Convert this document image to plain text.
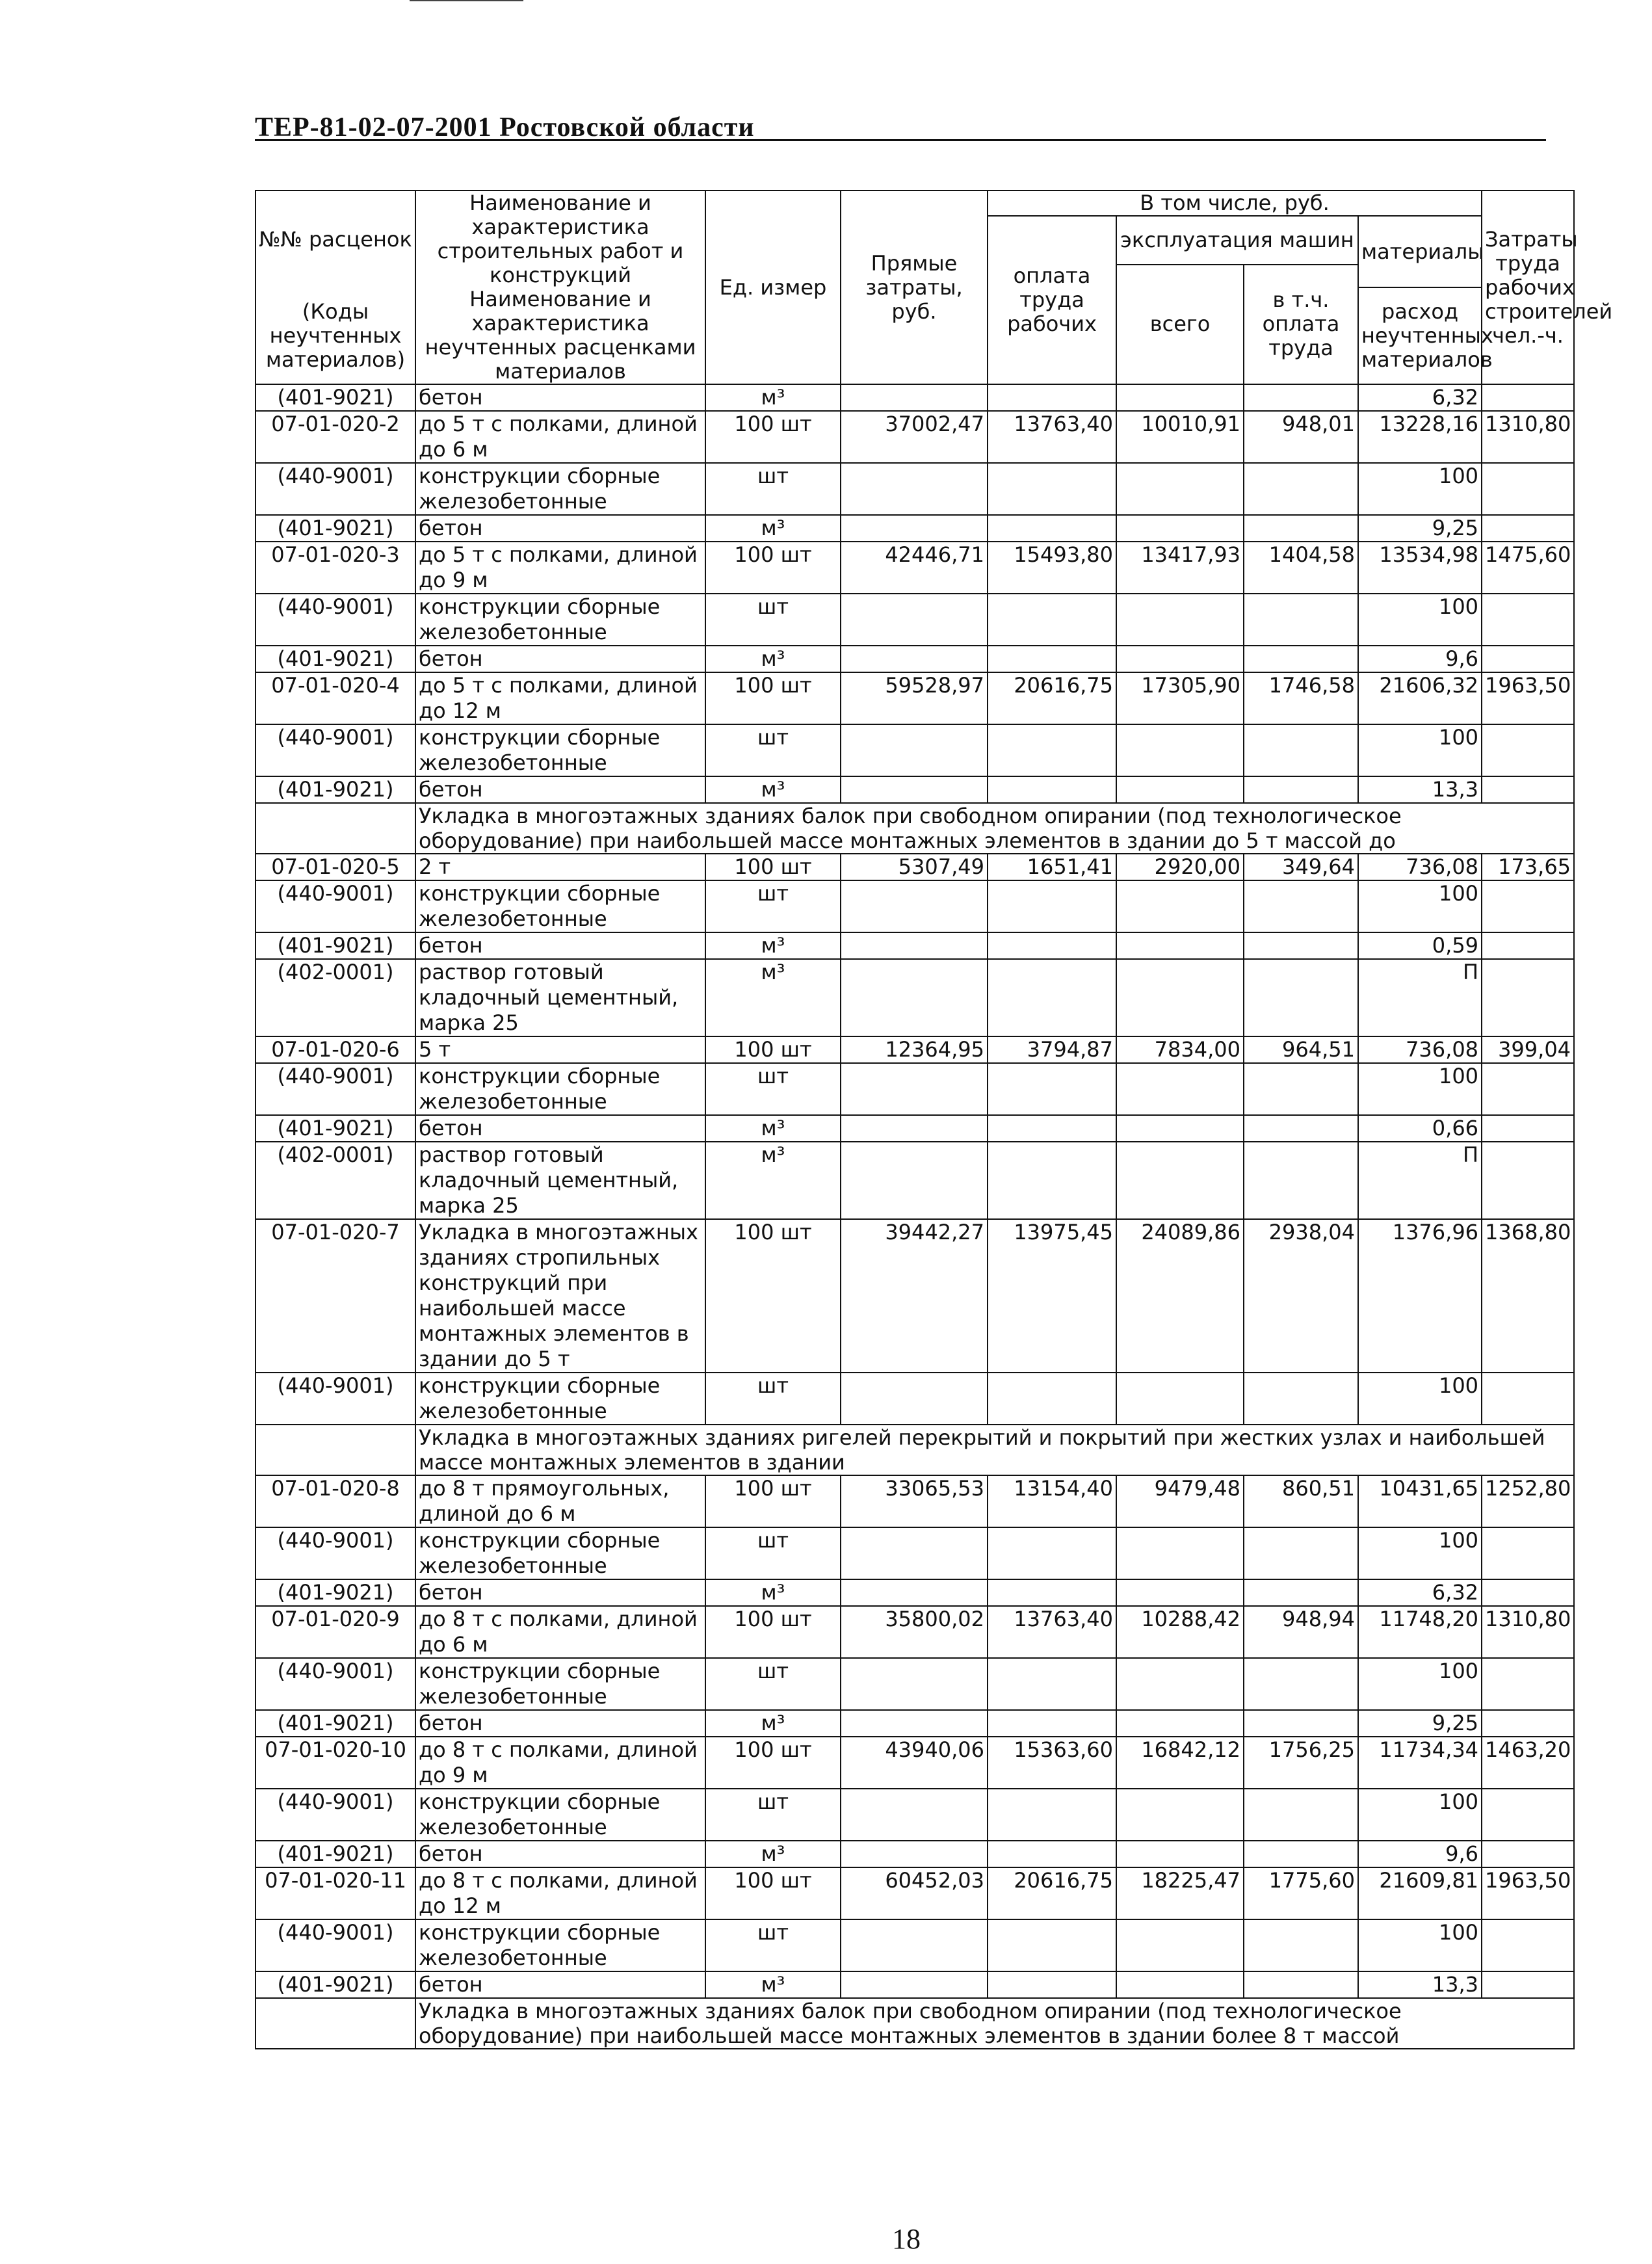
ТЕР-81-02-07-2001 Ростовской области
№№ расценок	Наименование и характеристика строительных работ и конструкций	Ед. измер	Прямые затраты, руб.	В том числе, руб.				Затраты труда рабочих строителей чел.-ч.
				оплата труда рабочих	эксплуатация машин		материалы	
					всего	в т.ч. оплата труда		
(Коды неучтенных материалов)	Наименование и характеристика неучтенных расценками материалов						расход неучтенных материалов	

(401-9021)	бетон	м³					6,32	
07-01-020-2	до 5 т с полками, длиной до 6 м	100 шт	37002,47	13763,40	10010,91	948,01	13228,16	1310,80
(440-9001)	конструкции сборные железобетонные	шт					100	
(401-9021)	бетон	м³					9,25	
07-01-020-3	до 5 т с полками, длиной до 9 м	100 шт	42446,71	15493,80	13417,93	1404,58	13534,98	1475,60
(440-9001)	конструкции сборные железобетонные	шт					100	
(401-9021)	бетон	м³					9,6	
07-01-020-4	до 5 т с полками, длиной до 12 м	100 шт	59528,97	20616,75	17305,90	1746,58	21606,32	1963,50
(440-9001)	конструкции сборные железобетонные	шт					100	
(401-9021)	бетон	м³					13,3	
	Укладка в многоэтажных зданиях балок при свободном опирании (под технологическое оборудование) при наибольшей массе монтажных элементов в здании до 5 т массой до							
07-01-020-5	2 т	100 шт	5307,49	1651,41	2920,00	349,64	736,08	173,65
(440-9001)	конструкции сборные железобетонные	шт					100	
(401-9021)	бетон	м³					0,59	
(402-0001)	раствор готовый кладочный цементный, марка 25	м³					П	
07-01-020-6	5 т	100 шт	12364,95	3794,87	7834,00	964,51	736,08	399,04
(440-9001)	конструкции сборные железобетонные	шт					100	
(401-9021)	бетон	м³					0,66	
(402-0001)	раствор готовый кладочный цементный, марка 25	м³					П	
07-01-020-7	Укладка в многоэтажных зданиях стропильных конструкций при наибольшей массе монтажных элементов в здании до 5 т	100 шт	39442,27	13975,45	24089,86	2938,04	1376,96	1368,80
(440-9001)	конструкции сборные железобетонные	шт					100	
	Укладка в многоэтажных зданиях ригелей перекрытий и покрытий при жестких узлах и наибольшей массе монтажных элементов в здании							
07-01-020-8	до 8 т прямоугольных, длиной до 6 м	100 шт	33065,53	13154,40	9479,48	860,51	10431,65	1252,80
(440-9001)	конструкции сборные железобетонные	шт					100	
(401-9021)	бетон	м³					6,32	
07-01-020-9	до 8 т с полками, длиной до 6 м	100 шт	35800,02	13763,40	10288,42	948,94	11748,20	1310,80
(440-9001)	конструкции сборные железобетонные	шт					100	
(401-9021)	бетон	м³					9,25	
07-01-020-10	до 8 т с полками, длиной до 9 м	100 шт	43940,06	15363,60	16842,12	1756,25	11734,34	1463,20
(440-9001)	конструкции сборные железобетонные	шт					100	
(401-9021)	бетон	м³					9,6	
07-01-020-11	до 8 т с полками, длиной до 12 м	100 шт	60452,03	20616,75	18225,47	1775,60	21609,81	1963,50
(440-9001)	конструкции сборные железобетонные	шт					100	
(401-9021)	бетон	м³					13,3	
	Укладка в многоэтажных зданиях балок при свободном опирании (под технологическое оборудование) при наибольшей массе монтажных элементов в здании более 8 т массой							
18
